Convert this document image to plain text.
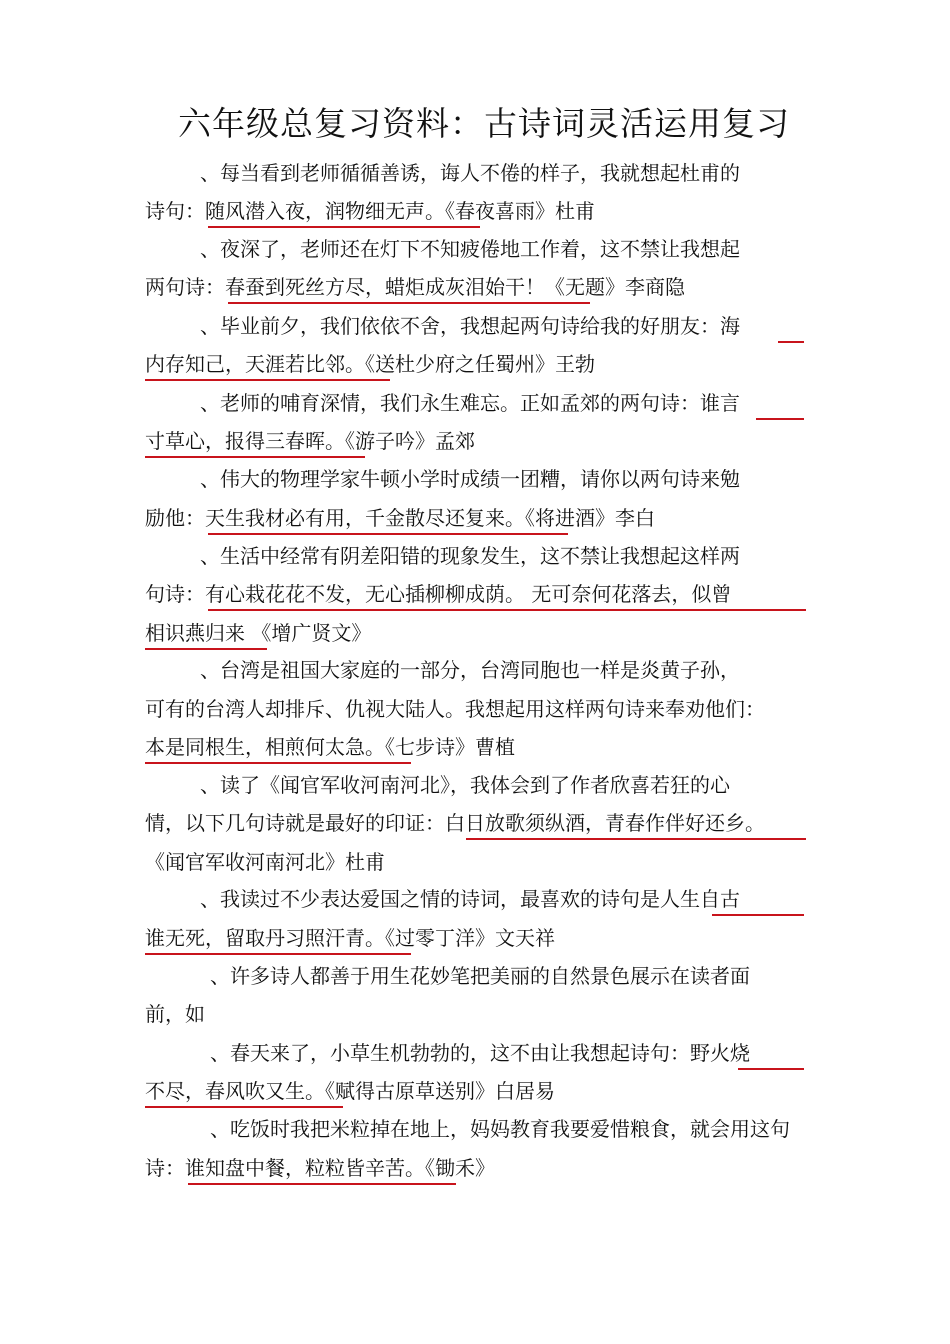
六年级总复习资料：古诗词灵活运用复习
、每当看到老师循循善诱，诲人不倦的样子，我就想起杜甫的
诗句：随风潜入夜，润物细无声。《春夜喜雨》杜甫
、夜深了，老师还在灯下不知疲倦地工作着，这不禁让我想起
两句诗：春蚕到死丝方尽，蜡炬成灰泪始干！《无题》李商隐
、毕业前夕，我们依依不舍，我想起两句诗给我的好朋友：海
内存知己，天涯若比邻。《送杜少府之任蜀州》王勃
、老师的哺育深情，我们永生难忘。正如孟郊的两句诗：谁言
寸草心，报得三春晖。《游子吟》孟郊
、伟大的物理学家牛顿小学时成绩一团糟，请你以两句诗来勉
励他：天生我材必有用，千金散尽还复来。《将进酒》李白
、生活中经常有阴差阳错的现象发生，这不禁让我想起这样两
句诗：有心栽花花不发，无心插柳柳成荫。 无可奈何花落去，似曾
相识燕归来 《增广贤文》
、台湾是祖国大家庭的一部分，台湾同胞也一样是炎黄子孙，
可有的台湾人却排斥、仇视大陆人。我想起用这样两句诗来奉劝他们：
本是同根生，相煎何太急。《七步诗》曹植
、读了《闻官军收河南河北》，我体会到了作者欣喜若狂的心
情，以下几句诗就是最好的印证：白日放歌须纵酒，青春作伴好还乡。
《闻官军收河南河北》杜甫
、我读过不少表达爱国之情的诗词，最喜欢的诗句是人生自古
谁无死，留取丹习照汗青。《过零丁洋》文天祥
、许多诗人都善于用生花妙笔把美丽的自然景色展示在读者面
前，如
、春天来了，小草生机勃勃的，这不由让我想起诗句：野火烧
不尽，春风吹又生。《赋得古原草送别》白居易
、吃饭时我把米粒掉在地上，妈妈教育我要爱惜粮食，就会用这句
诗：谁知盘中餐，粒粒皆辛苦。《锄禾》
